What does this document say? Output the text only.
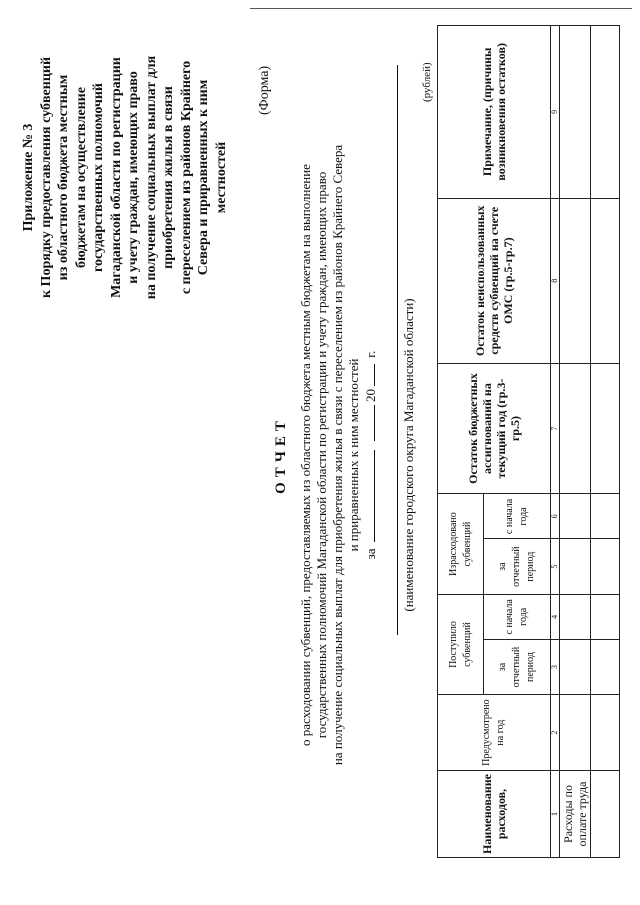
Приложение № 3 к Порядку предоставления субвенций из областного бюджета местным бюджетам на осуществление государственных полномочий Магаданской области по регистрации и учету граждан, имеющих право на получение социальных выплат для приобретения жилья в связи с переселением из районов Крайнего Севера и приравненных к ним местностей
(Форма)
ОТЧЕТ о расходовании субвенций, предоставляемых из областного бюджета местным бюджетам на выполнение государственных полномочий Магаданской области по регистрации и учету граждан, имеющих право на получение социальных выплат для приобретения жилья в связи с переселением из районов Крайнего Севера и приравненных к ним местностей
за  20 г. (наименование городского округа Магаданской области)
(рублей)
Наименование расходов,	Предусмотрено на год	Поступило субвенций		Израсходовано субвенций		Остаток бюджетных ассигнований на текущий год (гр.3- гр.5)	Остаток неиспользованных средств субвенций на счете ОМС (гр.5-гр.7)	Примечание, (причины возникновения остатков)
		за отчетный период	с начала года	за отчетный период	с начала года			
1	2	3	4	5	6	7	8	9
Расходы по оплате труда								
